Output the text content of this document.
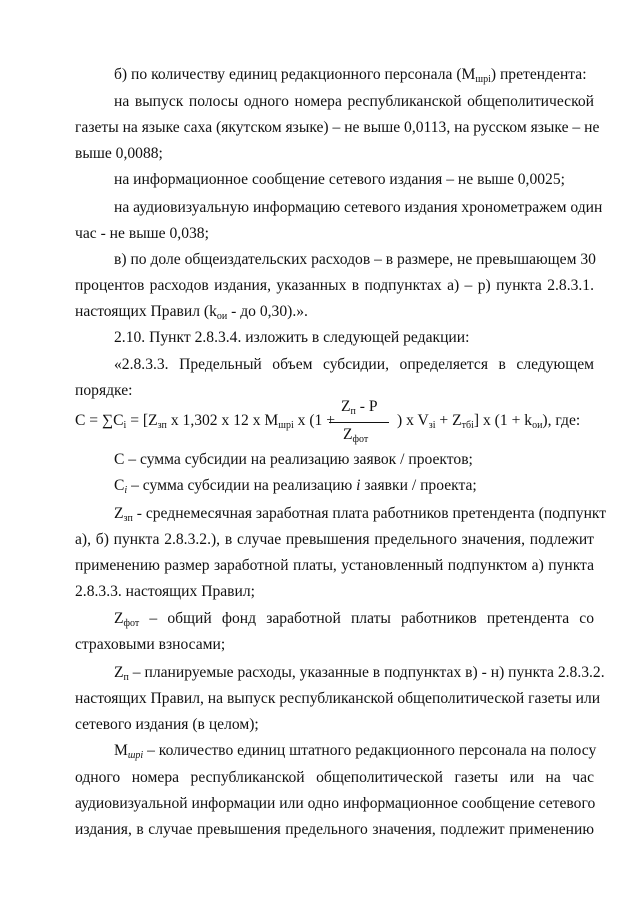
б) по количеству единиц редакционного персонала $(М_{шрi})$ претендента:
на выпуск полосы одного номера республиканской общеполитической
газеты на языке саха (якутском языке) – не выше 0,0113, на русском языке – не
выше 0,0088;
на информационное сообщение сетевого издания – не выше 0,0025;
на аудиовизуальную информацию сетевого издания хронометражем один
час - не выше 0,038;
в) по доле общеиздательских расходов – в размере, не превышающем 30
процентов расходов издания, указанных в подпунктах а) – р) пункта 2.8.3.1.
настоящих Правил ($k_{ои}$ - до 0,30).».
2.10. Пункт 2.8.3.4. изложить в следующей редакции:
«2.8.3.3. Предельный объем субсидии, определяется в следующем
порядке:
$C = \sum C_i = [Z_{зп}$ х 1,302 х 12 х $М_{шрi}$ х (1 +
$Z_п$ - P
$Z_{фот}$
) x $V_{зi} + Z_{тбi}$] х $(1 + k_{ои})$, где:
C – сумма субсидии на реализацию заявок / проектов;
$C_i$ – сумма субсидии на реализацию i заявки / проекта;
$Z_{зп}$ - среднемесячная заработная плата работников претендента (подпункт
а), б) пункта 2.8.3.2.), в случае превышения предельного значения, подлежит
применению размер заработной платы, установленный подпунктом а) пункта
2.8.3.3. настоящих Правил;
$Z_{фот}$ – общий фонд заработной платы работников претендента со
страховыми взносами;
$Z_п$ – планируемые расходы, указанные в подпунктах в) - н) пункта 2.8.3.2.
настоящих Правил, на выпуск республиканской общеполитической газеты или
сетевого издания (в целом);
$М_{шрi}$ – количество единиц штатного редакционного персонала на полосу
одного номера республиканской общеполитической газеты или на час
аудиовизуальной информации или одно информационное сообщение сетевого
издания, в случае превышения предельного значения, подлежит применению
